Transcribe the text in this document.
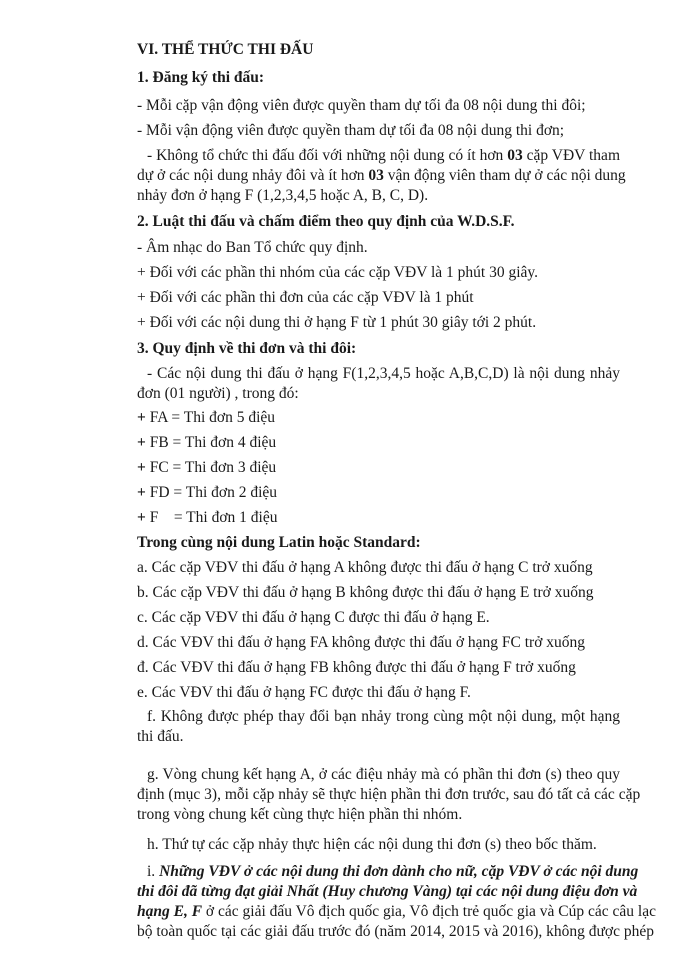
VI. THỂ THỨC THI ĐẤU
1. Đăng ký thi đấu:
- Mỗi cặp vận động viên được quyền tham dự tối đa 08 nội dung thi đôi;
- Mỗi vận động viên được quyền tham dự tối đa 08 nội dung thi đơn;
- Không tổ chức thi đấu đối với những nội dung có ít hơn 03 cặp VĐV tham
dự ở các nội dung nhảy đôi và ít hơn 03 vận động viên tham dự ở các nội dung
nhảy đơn ở hạng F (1,2,3,4,5 hoặc A, B, C, D).
2. Luật thi đấu và chấm điểm theo quy định của W.D.S.F.
- Âm nhạc do Ban Tổ chức quy định.
+ Đối với các phần thi nhóm của các cặp VĐV là 1 phút 30 giây.
+ Đối với các phần thi đơn của các cặp VĐV là 1 phút
+ Đối với các nội dung thi ở hạng F từ 1 phút 30 giây tới 2 phút.
3. Quy định về thi đơn và thi đôi:
- Các nội dung thi đấu ở hạng F(1,2,3,4,5 hoặc A,B,C,D) là nội dung nhảy
đơn (01 người) , trong đó:
+ FA = Thi đơn 5 điệu
+ FB = Thi đơn 4 điệu
+ FC = Thi đơn 3 điệu
+ FD = Thi đơn 2 điệu
+ F    = Thi đơn 1 điệu
Trong cùng nội dung Latin hoặc Standard:
a. Các cặp VĐV thi đấu ở hạng A không được thi đấu ở hạng C trở xuống
b. Các cặp VĐV thi đấu ở hạng B không được thi đấu ở hạng E trở xuống
c. Các cặp VĐV thi đấu ở hạng C được thi đấu ở hạng E.
d. Các VĐV thi đấu ở hạng FA không được thi đấu ở hạng FC trở xuống
đ. Các VĐV thi đấu ở hạng FB không được thi đấu ở hạng F trở xuống
e. Các VĐV thi đấu ở hạng FC được thi đấu ở hạng F.
f. Không được phép thay đổi bạn nhảy trong cùng một nội dung, một hạng
thi đấu.
g. Vòng chung kết hạng A, ở các điệu nhảy mà có phần thi đơn (s) theo quy
định (mục 3), mỗi cặp nhảy sẽ thực hiện phần thi đơn trước, sau đó tất cả các cặp
trong vòng chung kết cùng thực hiện phần thi nhóm.
h. Thứ tự các cặp nhảy thực hiện các nội dung thi đơn (s) theo bốc thăm.
i. Những VĐV ở các nội dung thi đơn dành cho nữ, cặp VĐV ở các nội dung
thi đôi đã từng đạt giải Nhất (Huy chương Vàng) tại các nội dung điệu đơn và
hạng E, F ở các giải đấu Vô địch quốc gia, Vô địch trẻ quốc gia và Cúp các câu lạc
bộ toàn quốc tại các giải đấu trước đó (năm 2014, 2015 và 2016), không được phép
